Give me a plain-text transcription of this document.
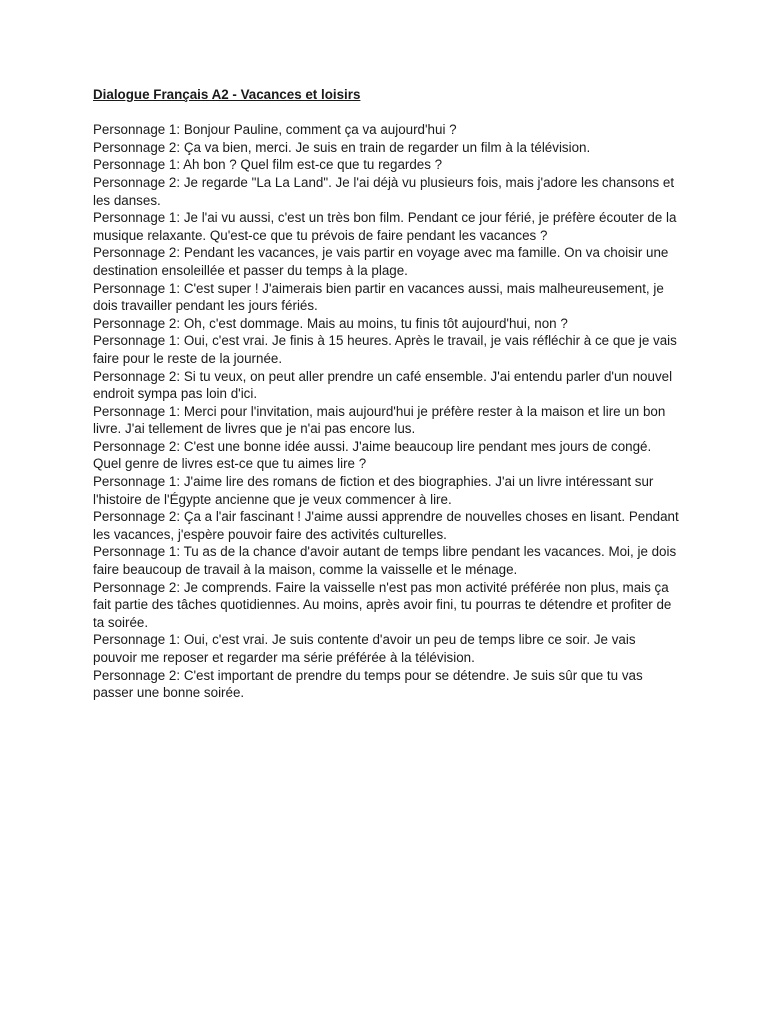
Dialogue Français A2 - Vacances et loisirs

Personnage 1: Bonjour Pauline, comment ça va aujourd'hui ?

Personnage 2: Ça va bien, merci. Je suis en train de regarder un film à la télévision.

Personnage 1: Ah bon ? Quel film est-ce que tu regardes ?

Personnage 2: Je regarde "La La Land". Je l'ai déjà vu plusieurs fois, mais j'adore les chansons et les danses.

Personnage 1: Je l'ai vu aussi, c'est un très bon film. Pendant ce jour férié, je préfère écouter de la musique relaxante. Qu'est-ce que tu prévois de faire pendant les vacances ?

Personnage 2: Pendant les vacances, je vais partir en voyage avec ma famille. On va choisir une destination ensoleillée et passer du temps à la plage.

Personnage 1: C'est super ! J'aimerais bien partir en vacances aussi, mais malheureusement, je dois travailler pendant les jours fériés.

Personnage 2: Oh, c'est dommage. Mais au moins, tu finis tôt aujourd'hui, non ?

Personnage 1: Oui, c'est vrai. Je finis à 15 heures. Après le travail, je vais réfléchir à ce que je vais faire pour le reste de la journée.

Personnage 2: Si tu veux, on peut aller prendre un café ensemble. J'ai entendu parler d'un nouvel endroit sympa pas loin d'ici.

Personnage 1: Merci pour l'invitation, mais aujourd'hui je préfère rester à la maison et lire un bon livre. J'ai tellement de livres que je n'ai pas encore lus.

Personnage 2: C'est une bonne idée aussi. J'aime beaucoup lire pendant mes jours de congé. Quel genre de livres est-ce que tu aimes lire ?

Personnage 1: J'aime lire des romans de fiction et des biographies. J'ai un livre intéressant sur l'histoire de l'Égypte ancienne que je veux commencer à lire.

Personnage 2: Ça a l'air fascinant ! J'aime aussi apprendre de nouvelles choses en lisant. Pendant les vacances, j'espère pouvoir faire des activités culturelles.

Personnage 1: Tu as de la chance d'avoir autant de temps libre pendant les vacances. Moi, je dois faire beaucoup de travail à la maison, comme la vaisselle et le ménage.

Personnage 2: Je comprends. Faire la vaisselle n'est pas mon activité préférée non plus, mais ça fait partie des tâches quotidiennes. Au moins, après avoir fini, tu pourras te détendre et profiter de ta soirée.

Personnage 1: Oui, c'est vrai. Je suis contente d'avoir un peu de temps libre ce soir. Je vais pouvoir me reposer et regarder ma série préférée à la télévision.

Personnage 2: C'est important de prendre du temps pour se détendre. Je suis sûr que tu vas passer une bonne soirée.
